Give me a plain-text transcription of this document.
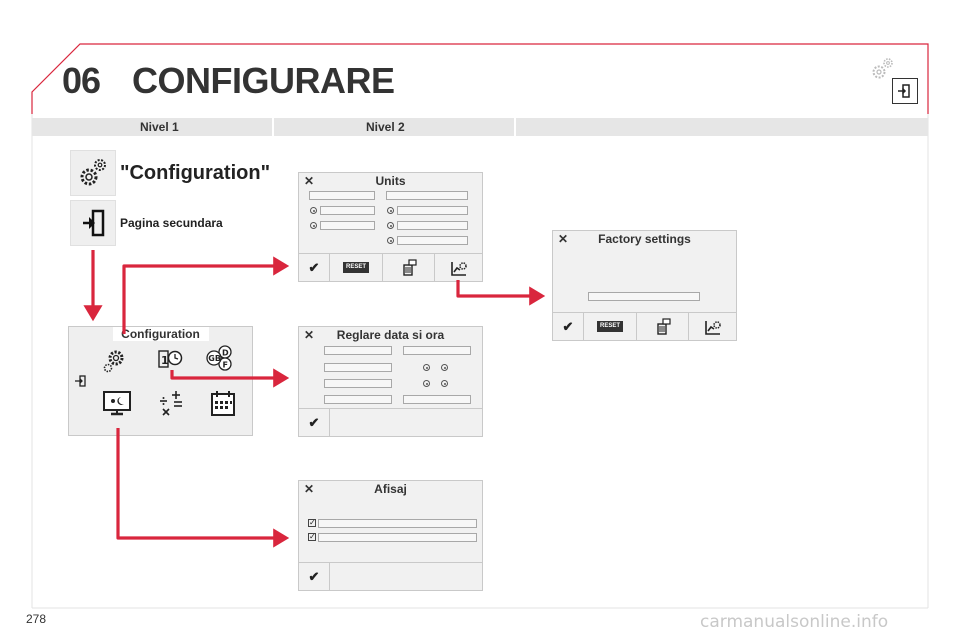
06 CONFIGURARE
Nivel 1	Nivel 2
"Configuration"
Pagina secundara
Configuration
1
D
F
GB
✕	Units
✔	RESET
✕	Factory settings
✔	RESET
✕	Reglare data si ora
✔
✕	Afisaj
✓
✓
✔
278	carmanualsonline.info
